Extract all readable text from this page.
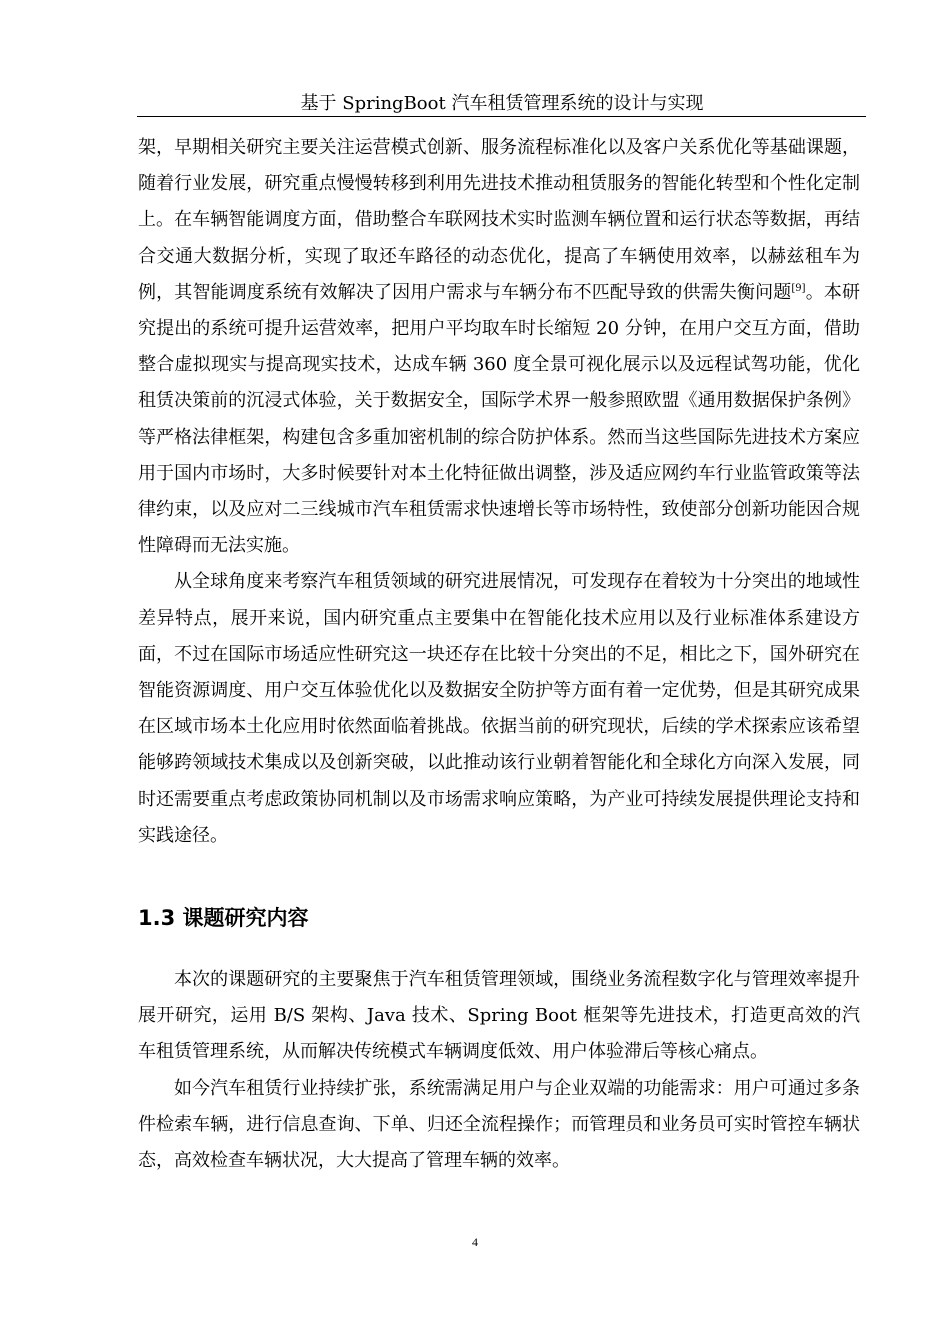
基于 SpringBoot 汽车租赁管理系统的设计与实现

架，早期相关研究主要关注运营模式创新、服务流程标准化以及客户关系优化等基础课题，随着行业发展，研究重点慢慢转移到利用先进技术推动租赁服务的智能化转型和个性化定制上。在车辆智能调度方面，借助整合车联网技术实时监测车辆位置和运行状态等数据，再结合交通大数据分析，实现了取还车路径的动态优化，提高了车辆使用效率，以赫兹租车为例，其智能调度系统有效解决了因用户需求与车辆分布不匹配导致的供需失衡问题[9]。本研究提出的系统可提升运营效率，把用户平均取车时长缩短 20 分钟，在用户交互方面，借助整合虚拟现实与提高现实技术，达成车辆 360 度全景可视化展示以及远程试驾功能，优化租赁决策前的沉浸式体验，关于数据安全，国际学术界一般参照欧盟《通用数据保护条例》等严格法律框架，构建包含多重加密机制的综合防护体系。然而当这些国际先进技术方案应用于国内市场时，大多时候要针对本土化特征做出调整，涉及适应网约车行业监管政策等法律约束，以及应对二三线城市汽车租赁需求快速增长等市场特性，致使部分创新功能因合规性障碍而无法实施。

从全球角度来考察汽车租赁领域的研究进展情况，可发现存在着较为十分突出的地域性差异特点，展开来说，国内研究重点主要集中在智能化技术应用以及行业标准体系建设方面，不过在国际市场适应性研究这一块还存在比较十分突出的不足，相比之下，国外研究在智能资源调度、用户交互体验优化以及数据安全防护等方面有着一定优势，但是其研究成果在区域市场本土化应用时依然面临着挑战。依据当前的研究现状，后续的学术探索应该希望能够跨领域技术集成以及创新突破，以此推动该行业朝着智能化和全球化方向深入发展，同时还需要重点考虑政策协同机制以及市场需求响应策略，为产业可持续发展提供理论支持和实践途径。

1.3 课题研究内容

本次的课题研究的主要聚焦于汽车租赁管理领域，围绕业务流程数字化与管理效率提升展开研究，运用 B/S 架构、Java 技术、Spring Boot 框架等先进技术，打造更高效的汽车租赁管理系统，从而解决传统模式车辆调度低效、用户体验滞后等核心痛点。

如今汽车租赁行业持续扩张，系统需满足用户与企业双端的功能需求：用户可通过多条件检索车辆，进行信息查询、下单、归还全流程操作；而管理员和业务员可实时管控车辆状态，高效检查车辆状况，大大提高了管理车辆的效率。

4
